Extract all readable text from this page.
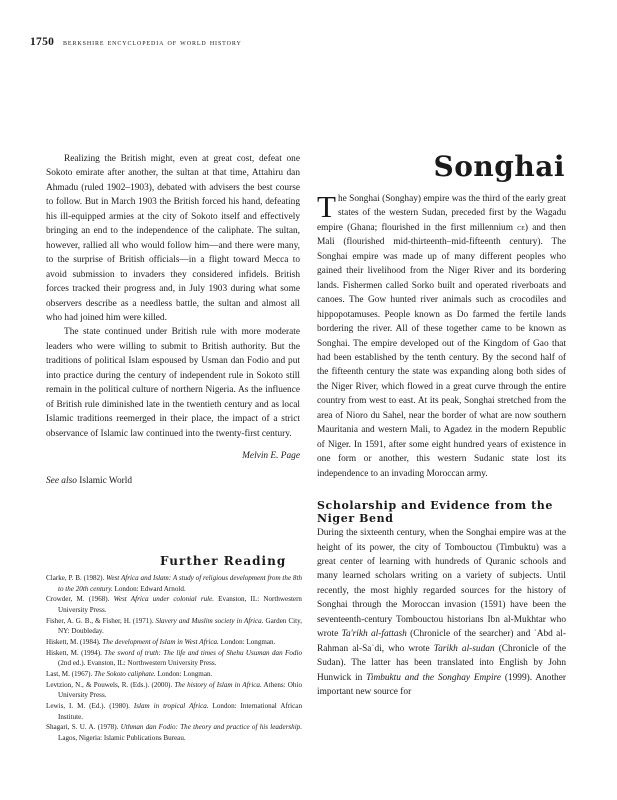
1750 berkshire encyclopedia of world history

Realizing the British might, even at great cost, defeat one Sokoto emirate after another, the sultan at that time, Attahiru dan Ahmadu (ruled 1902–1903), debated with advisers the best course to follow. But in March 1903 the British forced his hand, defeating his ill-equipped armies at the city of Sokoto itself and effectively bringing an end to the independence of the caliphate. The sultan, however, rallied all who would follow him—and there were many, to the surprise of British officials—in a flight toward Mecca to avoid submission to invaders they considered infidels. British forces tracked their progress and, in July 1903 during what some observers describe as a needless battle, the sultan and almost all who had joined him were killed.

The state continued under British rule with more moderate leaders who were willing to submit to British authority. But the traditions of political Islam espoused by Usman dan Fodio and put into practice during the century of independent rule in Sokoto still remain in the political culture of northern Nigeria. As the influence of British rule diminished late in the twentieth century and as local Islamic traditions reemerged in their place, the impact of a strict observance of Islamic law continued into the twenty-first century.

Melvin E. Page

See also Islamic World

Further Reading
Clarke, P. B. (1982). West Africa and Islam: A study of religious development from the 8th to the 20th century. London: Edward Arnold.
Crowder, M. (1968). West Africa under colonial rule. Evanston, IL: Northwestern University Press.
Fisher, A. G. B., & Fisher, H. (1971). Slavery and Muslim society in Africa. Garden City, NY: Doubleday.
Hiskett, M. (1984). The development of Islam in West Africa. London: Longman.
Hiskett, M. (1994). The sword of truth: The life and times of Shehu Usuman dan Fodio (2nd ed.). Evanston, IL: Northwestern University Press.
Last, M. (1967). The Sokoto caliphate. London: Longman.
Levtzion, N., & Pouwels, R. (Eds.). (2000). The history of Islam in Africa. Athens: Ohio University Press.
Lewis, I. M. (Ed.). (1980). Islam in tropical Africa. London: International African Institute.
Shagari, S. U. A. (1978). Uthman dan Fodio: The theory and practice of his leadership. Lagos, Nigeria: Islamic Publications Bureau.
Songhai

The Songhai (Songhay) empire was the third of the early great states of the western Sudan, preceded first by the Wagadu empire (Ghana; flourished in the first millennium ce) and then Mali (flourished mid-thirteenth–mid-fifteenth century). The Songhai empire was made up of many different peoples who gained their livelihood from the Niger River and its bordering lands. Fishermen called Sorko built and operated riverboats and canoes. The Gow hunted river animals such as crocodiles and hippopotamuses. People known as Do farmed the fertile lands bordering the river. All of these together came to be known as Songhai. The empire developed out of the Kingdom of Gao that had been established by the tenth century. By the second half of the fifteenth century the state was expanding along both sides of the Niger River, which flowed in a great curve through the entire country from west to east. At its peak, Songhai stretched from the area of Nioro du Sahel, near the border of what are now southern Mauritania and western Mali, to Agadez in the modern Republic of Niger. In 1591, after some eight hundred years of existence in one form or another, this western Sudanic state lost its independence to an invading Moroccan army.

Scholarship and Evidence from the Niger Bend

During the sixteenth century, when the Songhai empire was at the height of its power, the city of Tombouctou (Timbuktu) was a great center of learning with hundreds of Quranic schools and many learned scholars writing on a variety of subjects. Until recently, the most highly regarded sources for the history of Songhai through the Moroccan invasion (1591) have been the seventeenth-century Tombouctou historians Ibn al-Mukhtar who wrote Ta'rikh al-fattash (Chronicle of the searcher) and ʿAbd al-Rahman al-Saʿdi, who wrote Tarikh al-sudan (Chronicle of the Sudan). The latter has been translated into English by John Hunwick in Timbuktu and the Songhay Empire (1999). Another important new source for
